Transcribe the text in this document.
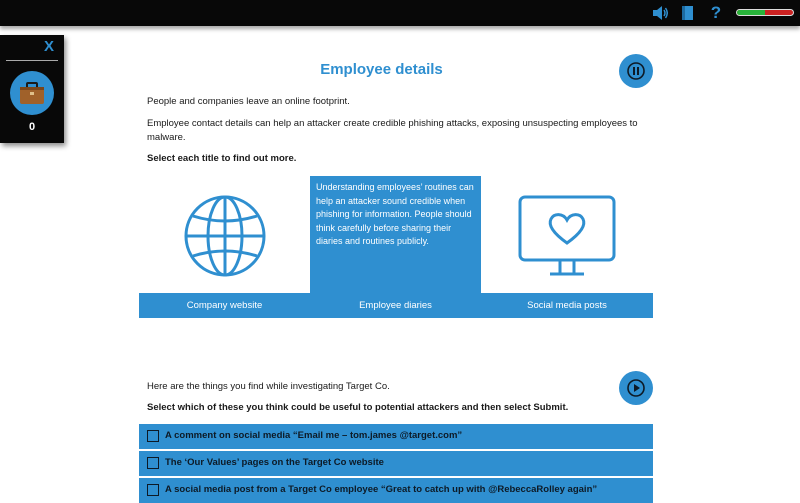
?
X
0
Employee details
People and companies leave an online footprint.
Employee contact details can help an attacker create credible phishing attacks, exposing unsuspecting employees to malware.
Select each title to find out more.
Company website
Understanding employees’ routines can help an attacker sound credible when phishing for information. People should think carefully before sharing their diaries and routines publicly.
Employee diaries	Social media posts
Here are the things you find while investigating Target Co.
Select which of these you think could be useful to potential attackers and then select Submit.
A comment on social media “Email me – tom.james @target.com”
The ‘Our Values’ pages on the Target Co website
A social media post from a Target Co employee “Great to catch up with @RebeccaRolley again”
